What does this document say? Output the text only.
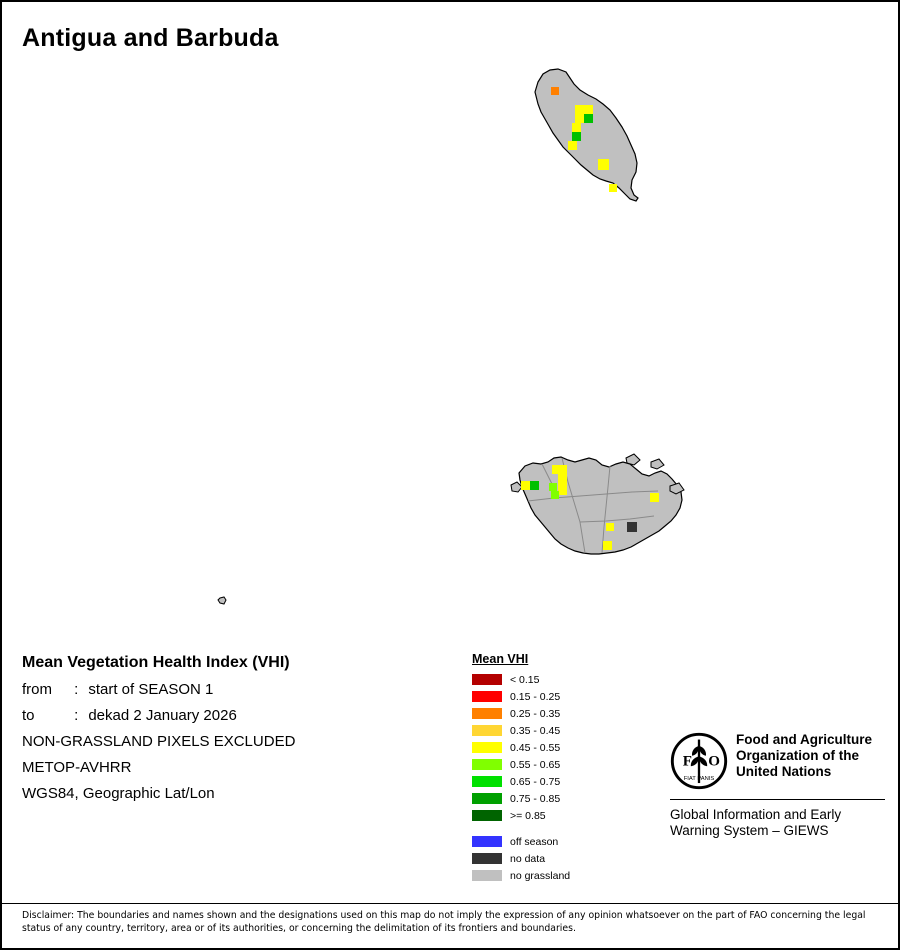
Antigua and Barbuda
Mean Vegetation Health Index (VHI)
from : start of SEASON 1
to	: dekad 2 January 2026
NON-GRASSLAND PIXELS EXCLUDED
METOP-AVHRR
WGS84, Geographic Lat/Lon
Mean VHI
< 0.15
0.15 - 0.25
0.25 - 0.35
0.35 - 0.45
0.45 - 0.55
0.55 - 0.65
0.65 - 0.75
0.75 - 0.85
>= 0.85
off season
no data
no grassland
F O
FIAT PANIS
Food and Agriculture
Organization of the
United Nations
Global Information and Early
Warning System – GIEWS
Disclaimer: The boundaries and names shown and the designations used on this map do not imply the expression of any opinion whatsoever on the part of FAO concerning the legal status of any country, territory, area or of its authorities, or concerning the delimitation of its frontiers and boundaries.
